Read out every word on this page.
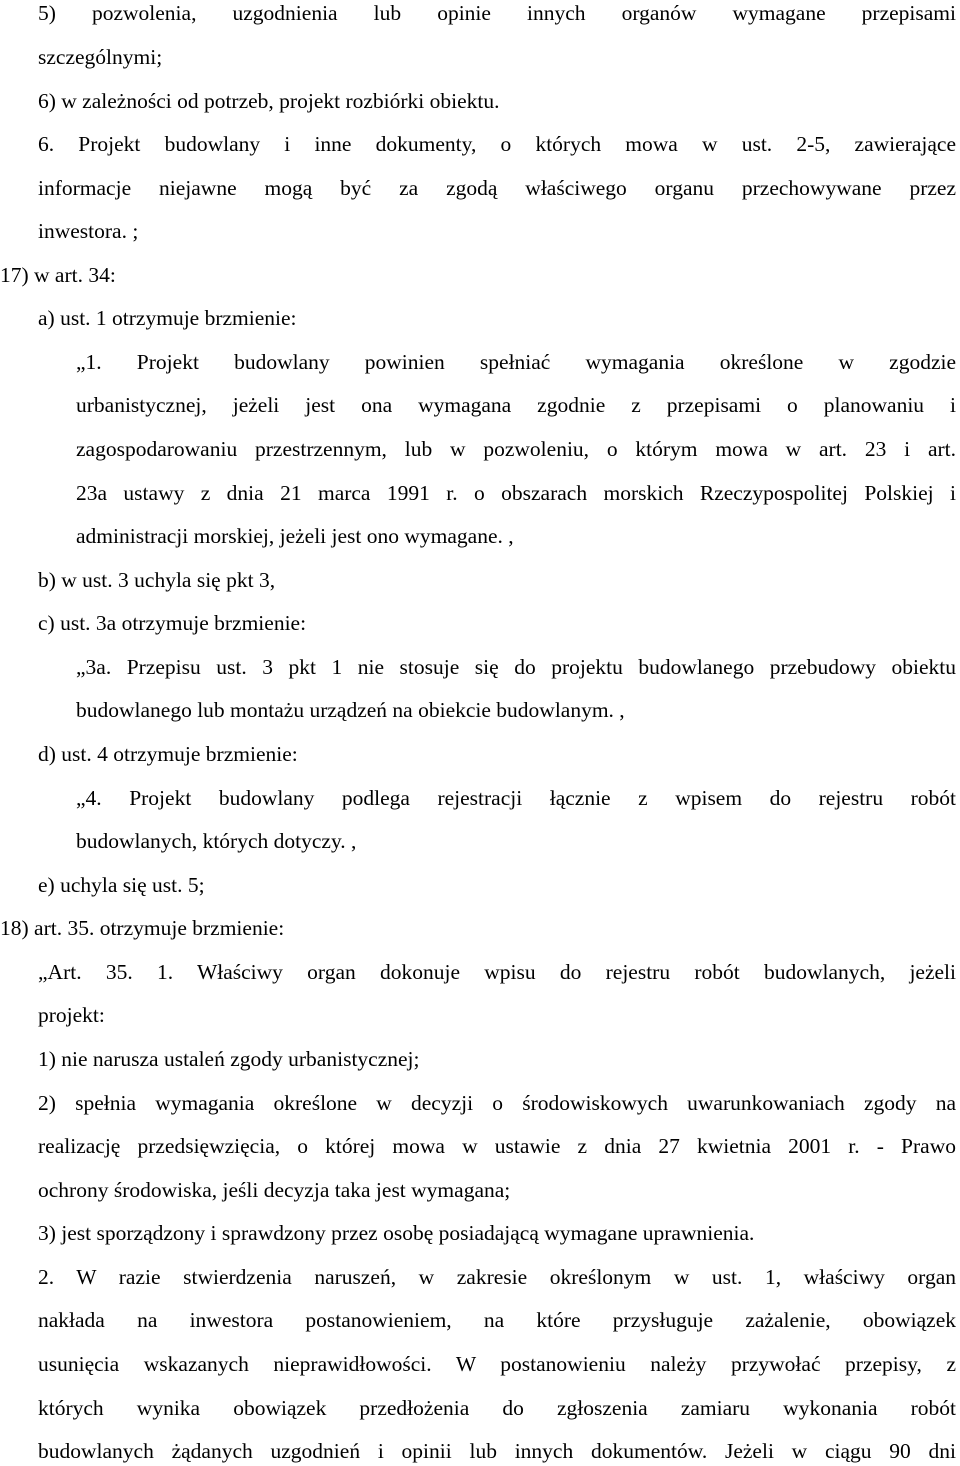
5) pozwolenia, uzgodnienia lub opinie innych organów wymagane przepisami
szczególnymi;
6) w zależności od potrzeb, projekt rozbiórki obiektu.
6. Projekt budowlany i inne dokumenty, o których mowa w ust. 2-5, zawierające
informacje niejawne mogą być za zgodą właściwego organu przechowywane przez
inwestora. ;
17) w art. 34:
a) ust. 1 otrzymuje brzmienie:
„1. Projekt budowlany powinien spełniać wymagania określone w zgodzie
urbanistycznej, jeżeli jest ona wymagana zgodnie z przepisami o planowaniu i
zagospodarowaniu przestrzennym, lub w pozwoleniu, o którym mowa w art. 23 i art.
23a ustawy z dnia 21 marca 1991 r. o obszarach morskich Rzeczypospolitej Polskiej i
administracji morskiej, jeżeli jest ono wymagane. ,
b) w ust. 3 uchyla się pkt 3,
c) ust. 3a otrzymuje brzmienie:
„3a. Przepisu ust. 3 pkt 1 nie stosuje się do projektu budowlanego przebudowy obiektu
budowlanego lub montażu urządzeń na obiekcie budowlanym. ,
d) ust. 4 otrzymuje brzmienie:
„4. Projekt budowlany podlega rejestracji łącznie z wpisem do rejestru robót
budowlanych, których dotyczy. ,
e) uchyla się ust. 5;
18) art. 35. otrzymuje brzmienie:
„Art. 35. 1. Właściwy organ dokonuje wpisu do rejestru robót budowlanych, jeżeli
projekt:
1) nie narusza ustaleń zgody urbanistycznej;
2) spełnia wymagania określone w decyzji o środowiskowych uwarunkowaniach zgody na
realizację przedsięwzięcia, o której mowa w ustawie z dnia 27 kwietnia 2001 r. - Prawo
ochrony środowiska, jeśli decyzja taka jest wymagana;
3) jest sporządzony i sprawdzony przez osobę posiadającą wymagane uprawnienia.
2. W razie stwierdzenia naruszeń, w zakresie określonym w ust. 1, właściwy organ
nakłada na inwestora postanowieniem, na które przysługuje zażalenie, obowiązek
usunięcia wskazanych nieprawidłowości. W postanowieniu należy przywołać przepisy, z
których wynika obowiązek przedłożenia do zgłoszenia zamiaru wykonania robót
budowlanych żądanych uzgodnień i opinii lub innych dokumentów. Jeżeli w ciągu 90 dni
